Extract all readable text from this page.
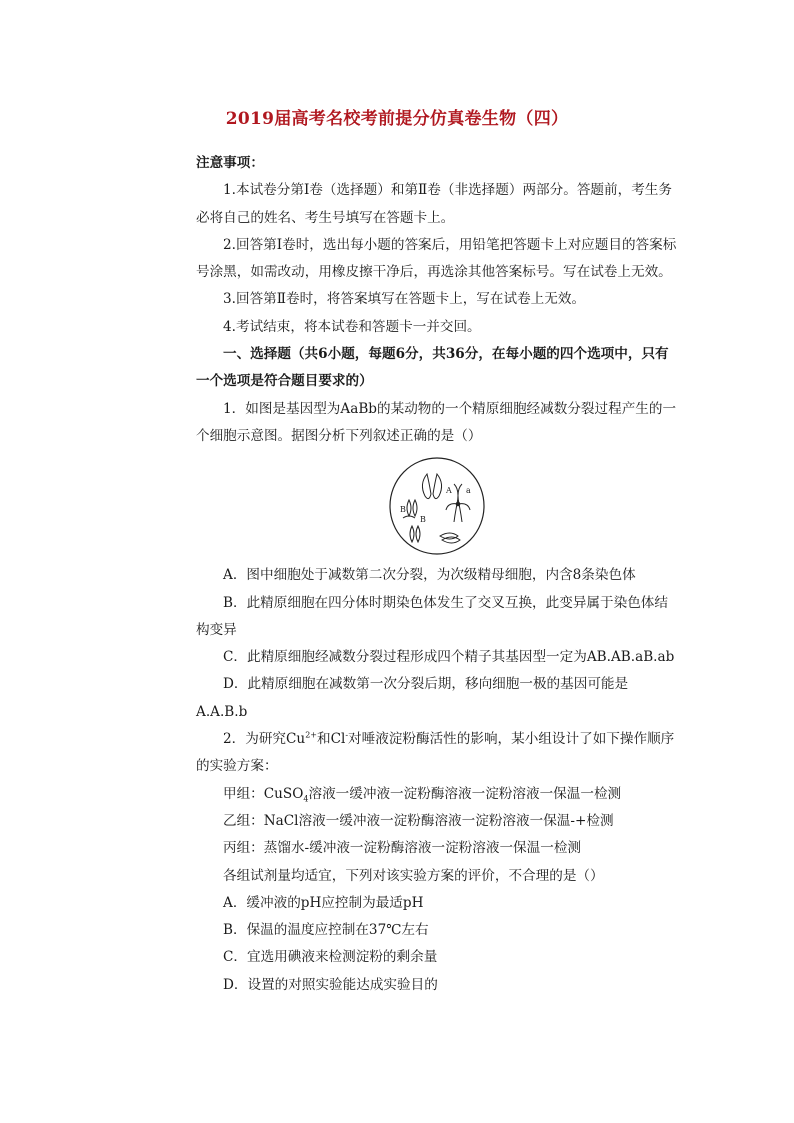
2019届高考名校考前提分仿真卷生物（四）

注意事项：

1.本试卷分第Ⅰ卷（选择题）和第Ⅱ卷（非选择题）两部分。答题前，考生务必将自己的姓名、考生号填写在答题卡上。

2.回答第Ⅰ卷时，选出每小题的答案后，用铅笔把答题卡上对应题目的答案标号涂黑，如需改动，用橡皮擦干净后，再选涂其他答案标号。写在试卷上无效。

3.回答第Ⅱ卷时，将答案填写在答题卡上，写在试卷上无效。

4.考试结束，将本试卷和答题卡一并交回。

一、选择题（共6小题，每题6分，共36分，在每小题的四个选项中，只有一个选项是符合题目要求的）

1．如图是基因型为AaBb的某动物的一个精原细胞经减数分裂过程产生的一个细胞示意图。据图分析下列叙述正确的是（）

A a
B
B

A．图中细胞处于减数第二次分裂，为次级精母细胞，内含8条染色体

B．此精原细胞在四分体时期染色体发生了交叉互换，此变异属于染色体结构变异

C．此精原细胞经减数分裂过程形成四个精子其基因型一定为AB.AB.aB.ab

D．此精原细胞在减数第一次分裂后期，移向细胞一极的基因可能是A.A.B.b

2．为研究$Cu^{2+}$和Cl-对唾液淀粉酶活性的影响，某小组设计了如下操作顺序的实验方案：

甲组：CuSO$_4$溶液一缓冲液一淀粉酶溶液一淀粉溶液一保温一检测

乙组：NaCl溶液一缓冲液一淀粉酶溶液一淀粉溶液一保温-+检测

丙组：蒸馏水-缓冲液一淀粉酶溶液一淀粉溶液一保温一检测

各组试剂量均适宜，下列对该实验方案的评价，不合理的是（）

A．缓冲液的pH应控制为最适pH

B．保温的温度应控制在37℃左右

C．宜选用碘液来检测淀粉的剩余量

D．设置的对照实验能达成实验目的
